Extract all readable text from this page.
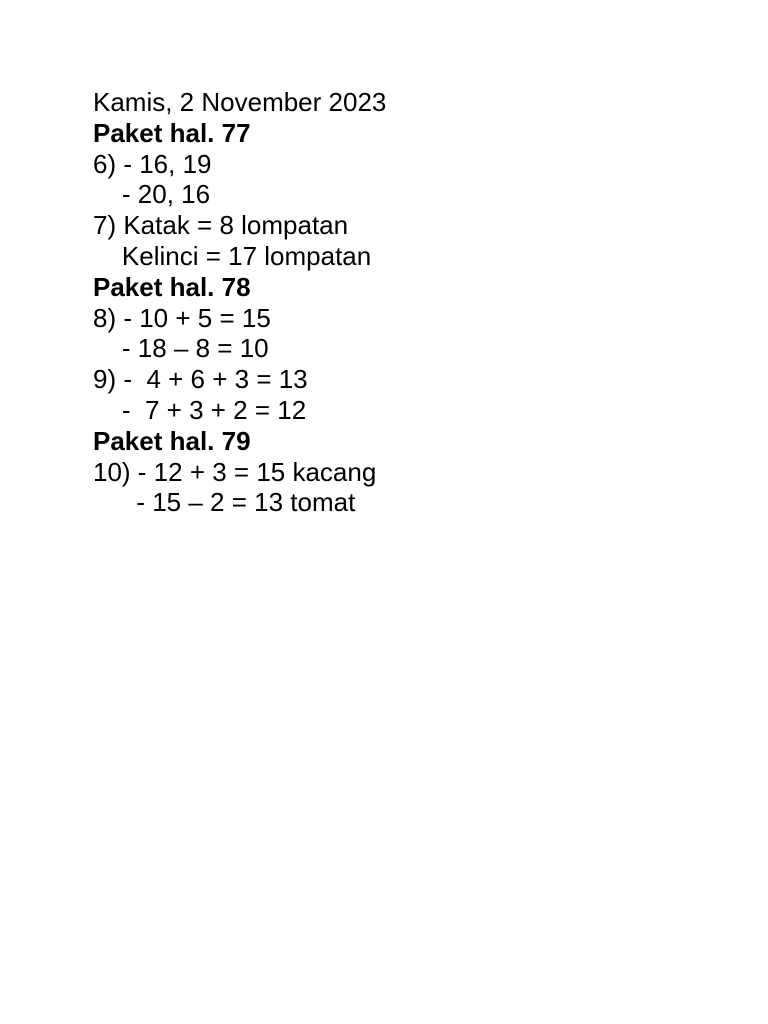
Kamis, 2 November 2023
Paket hal. 77
6) - 16, 19
- 20, 16
7) Katak = 8 lompatan
Kelinci = 17 lompatan
Paket hal. 78
8) - 10 + 5 = 15
- 18 – 8 = 10
9) -  4 + 6 + 3 = 13
-  7 + 3 + 2 = 12
Paket hal. 79
10) - 12 + 3 = 15 kacang
- 15 – 2 = 13 tomat
